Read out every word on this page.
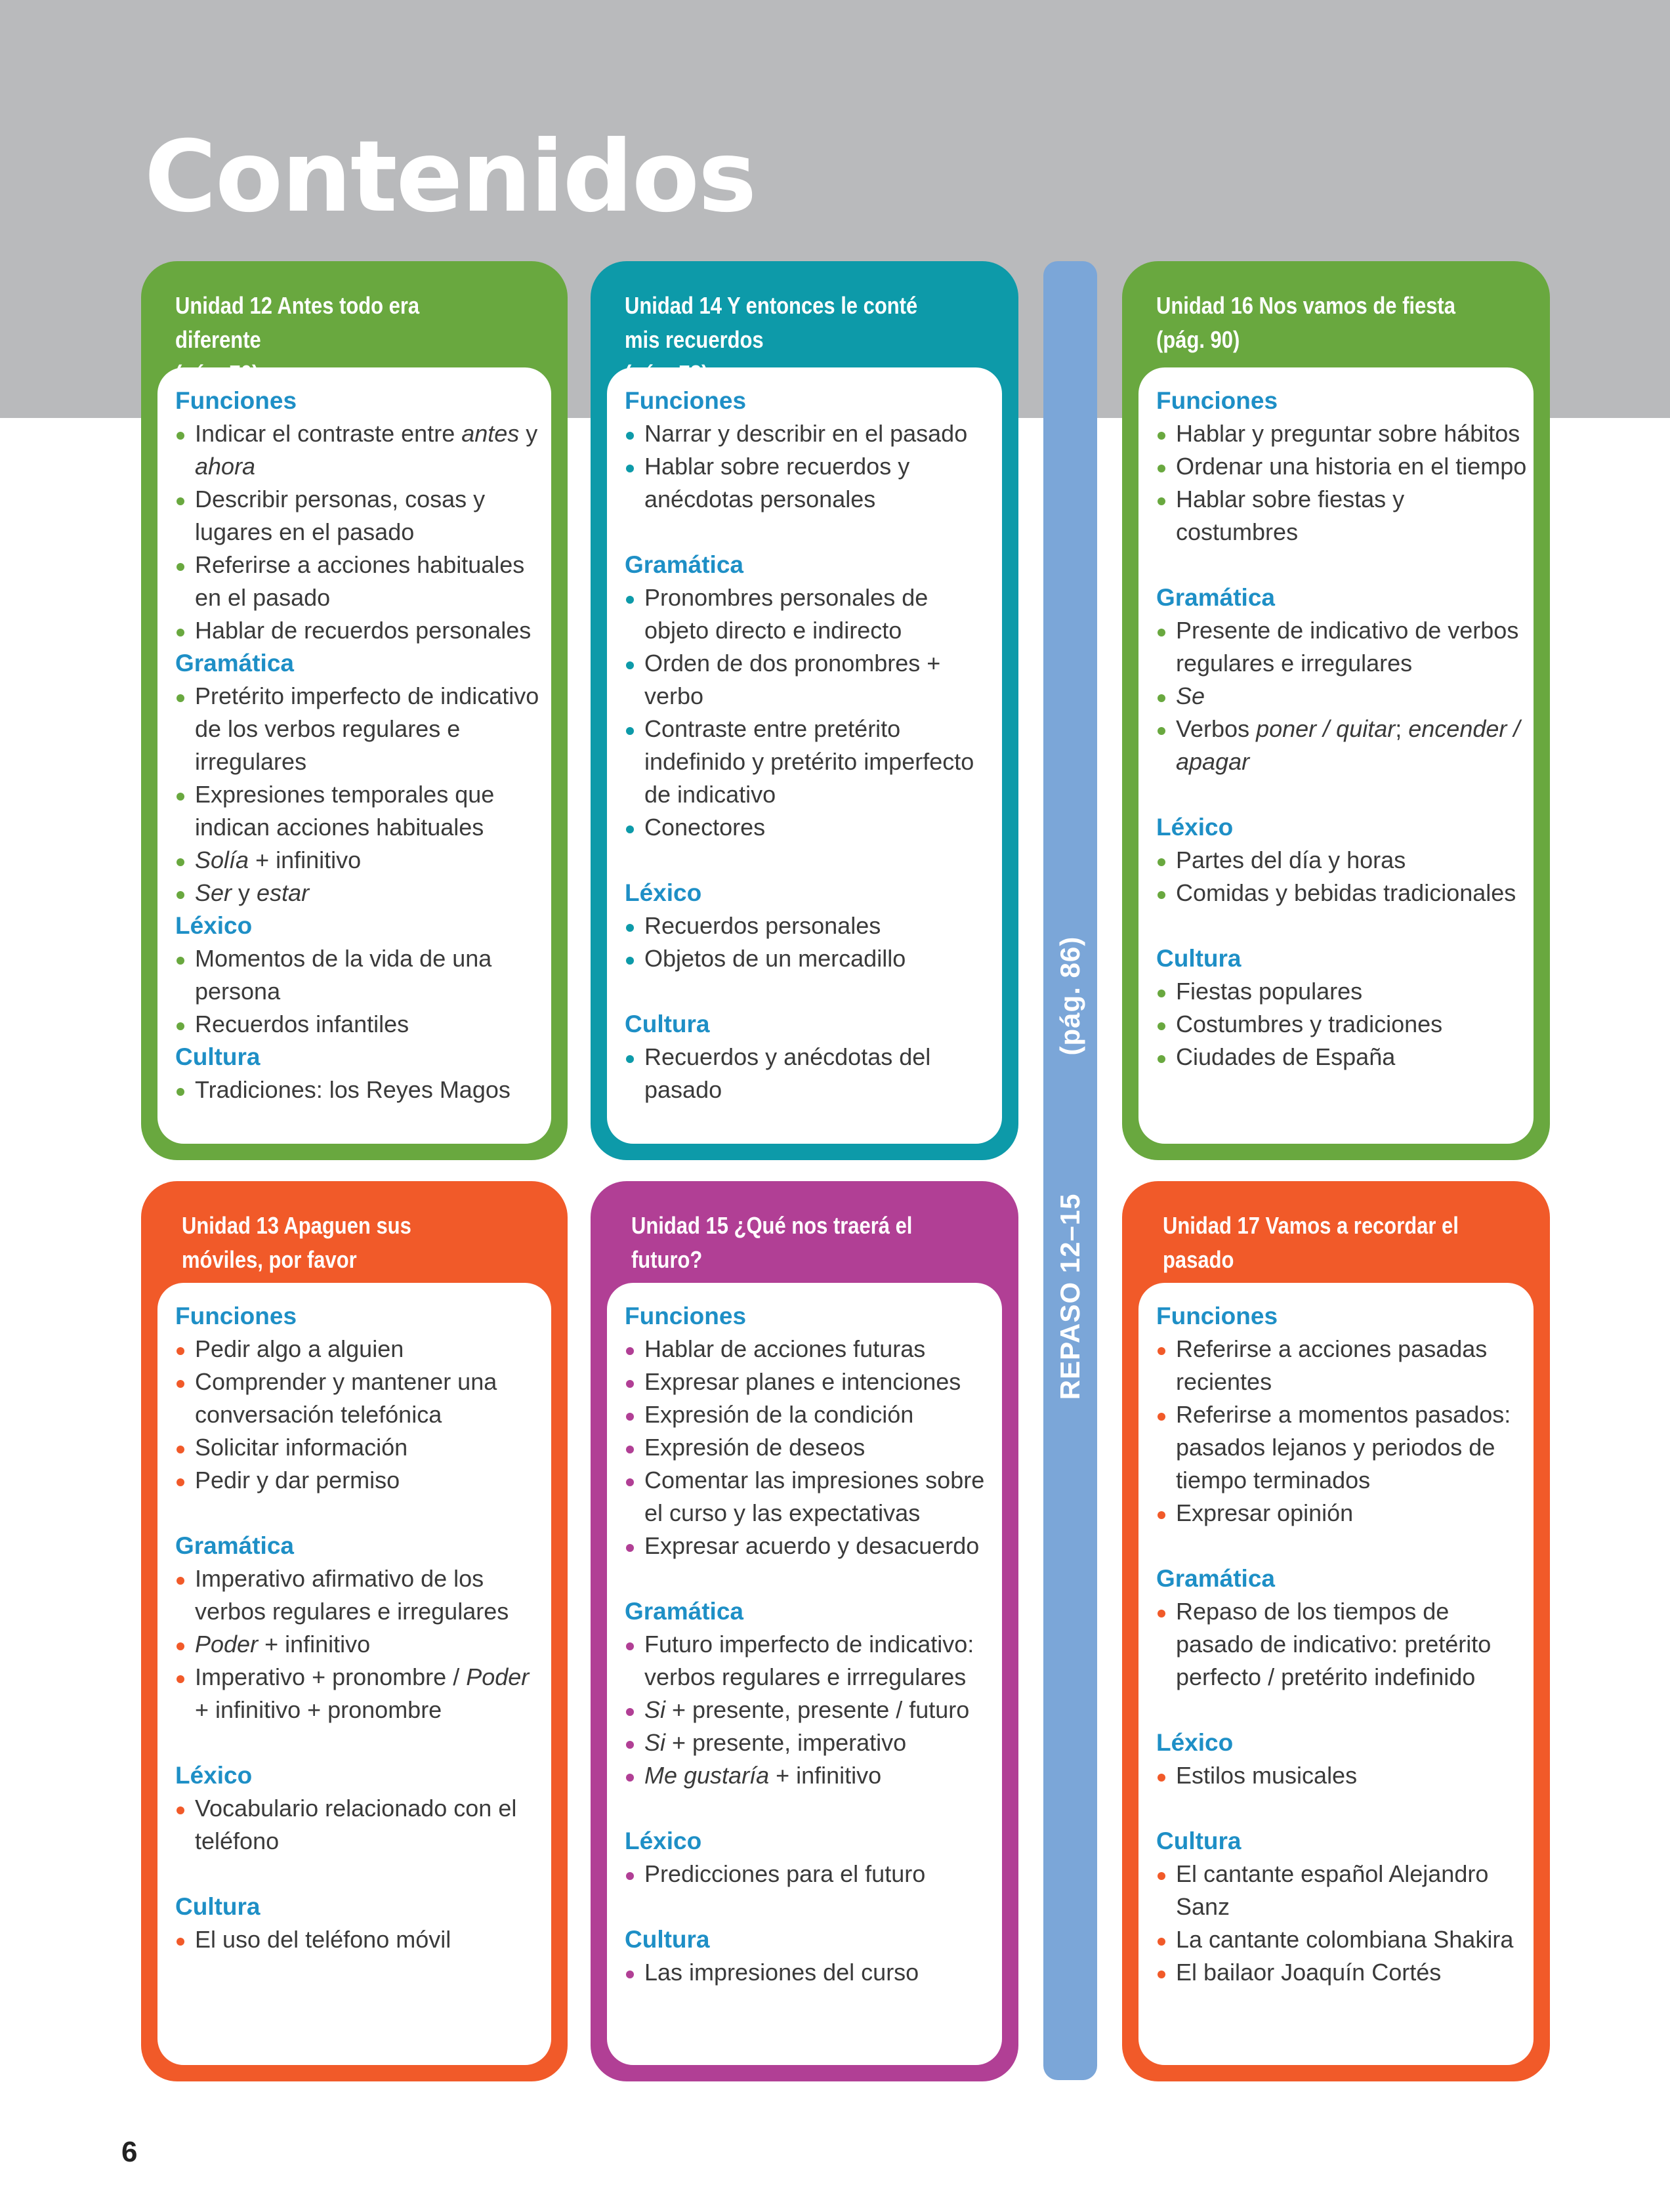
Contenidos
Unidad 12 Antes todo era diferente
Funciones
Indicar el contraste entre antes y ahora
Describir personas, cosas y lugares en el pasado
Referirse a acciones habituales en el pasado
Hablar de recuerdos personales
Gramática
Pretérito imperfecto de indicativo de los verbos regulares e irregulares
Expresiones temporales que indican acciones habituales
Solía + infinitivo
Ser y estar
Léxico
Momentos de la vida de una persona
Recuerdos infantiles
Cultura
Tradiciones: los Reyes Magos
Unidad 14 Y entonces le conté mis recuerdos
Funciones
Narrar y describir en el pasado
Hablar sobre recuerdos y anécdotas personales
Gramática
Pronombres personales de objeto directo e indirecto
Orden de dos pronombres + verbo
Contraste entre pretérito indefinido y pretérito imperfecto de indicativo
Conectores
Léxico
Recuerdos personales
Objetos de un mercadillo
Cultura
Recuerdos y anécdotas del pasado
Unidad 16 Nos vamos de fiesta
(pág. 90)
Funciones
Hablar y preguntar sobre hábitos
Ordenar una historia en el tiempo
Hablar sobre fiestas y costumbres
Gramática
Presente de indicativo de verbos regulares e irregulares
Se
Verbos poner / quitar; encender / apagar
Léxico
Partes del día y horas
Comidas y bebidas tradicionales
Cultura
Fiestas populares
Costumbres y tradiciones
Ciudades de España
Unidad 13 Apaguen sus móviles, por favor
Funciones
Pedir algo a alguien
Comprender y mantener una conversación telefónica
Solicitar información
Pedir y dar permiso
Gramática
Imperativo afirmativo de los verbos regulares e irregulares
Poder + infinitivo
Imperativo + pronombre / Poder + infinitivo + pronombre
Léxico
Vocabulario relacionado con el teléfono
Cultura
El uso del teléfono móvil
Unidad 15 ¿Qué nos traerá el futuro?
Funciones
Hablar de acciones futuras
Expresar planes e intenciones
Expresión de la condición
Expresión de deseos
Comentar las impresiones sobre el curso y las expectativas
Expresar acuerdo y desacuerdo
Gramática
Futuro imperfecto de indicativo: verbos regulares e irrregulares
Si + presente, presente / futuro
Si + presente, imperativo
Me gustaría + infinitivo
Léxico
Predicciones para el futuro
Cultura
Las impresiones del curso
Unidad 17 Vamos a recordar el pasado
Funciones
Referirse a acciones pasadas recientes
Referirse a momentos pasados: pasados lejanos y periodos de tiempo terminados
Expresar opinión
Gramática
Repaso de los tiempos de pasado de indicativo: pretérito perfecto / pretérito indefinido
Léxico
Estilos musicales
Cultura
El cantante español Alejandro Sanz
La cantante colombiana Shakira
El bailaor Joaquín Cortés
REPASO 12–15(pág. 86)

6
